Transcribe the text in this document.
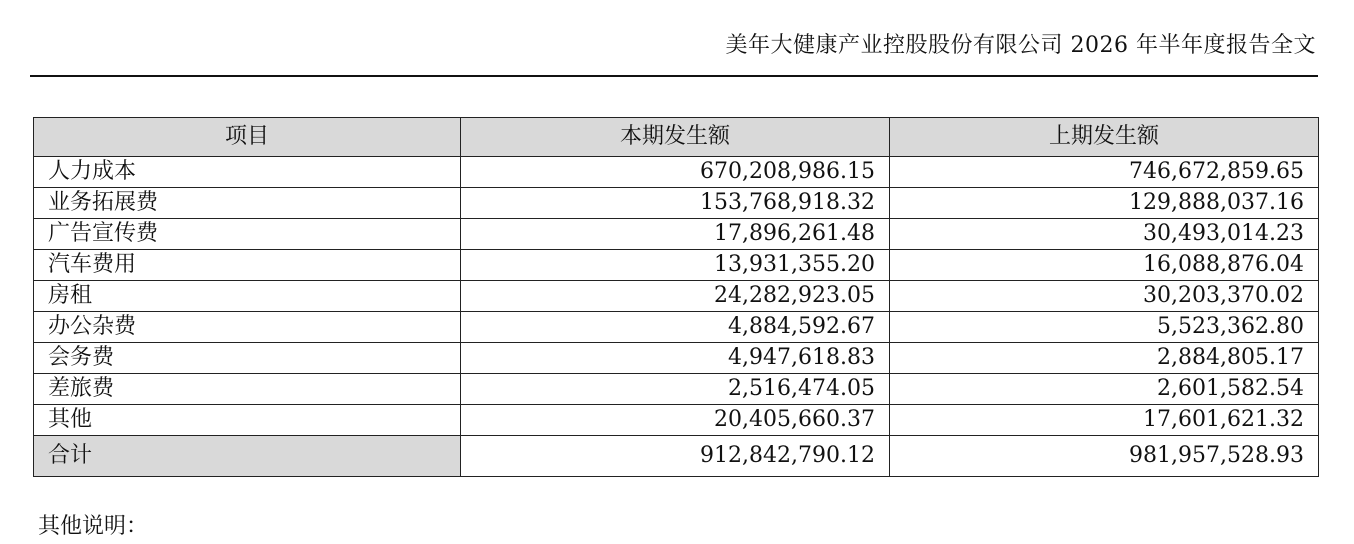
美年大健康产业控股股份有限公司 2026 年半年度报告全文
项目	本期发生额	上期发生额
人力成本	670,208,986.15	746,672,859.65
业务拓展费	153,768,918.32	129,888,037.16
广告宣传费	17,896,261.48	30,493,014.23
汽车费用	13,931,355.20	16,088,876.04
房租	24,282,923.05	30,203,370.02
办公杂费	4,884,592.67	5,523,362.80
会务费	4,947,618.83	2,884,805.17
差旅费	2,516,474.05	2,601,582.54
其他	20,405,660.37	17,601,621.32
合计	912,842,790.12	981,957,528.93
其他说明：
